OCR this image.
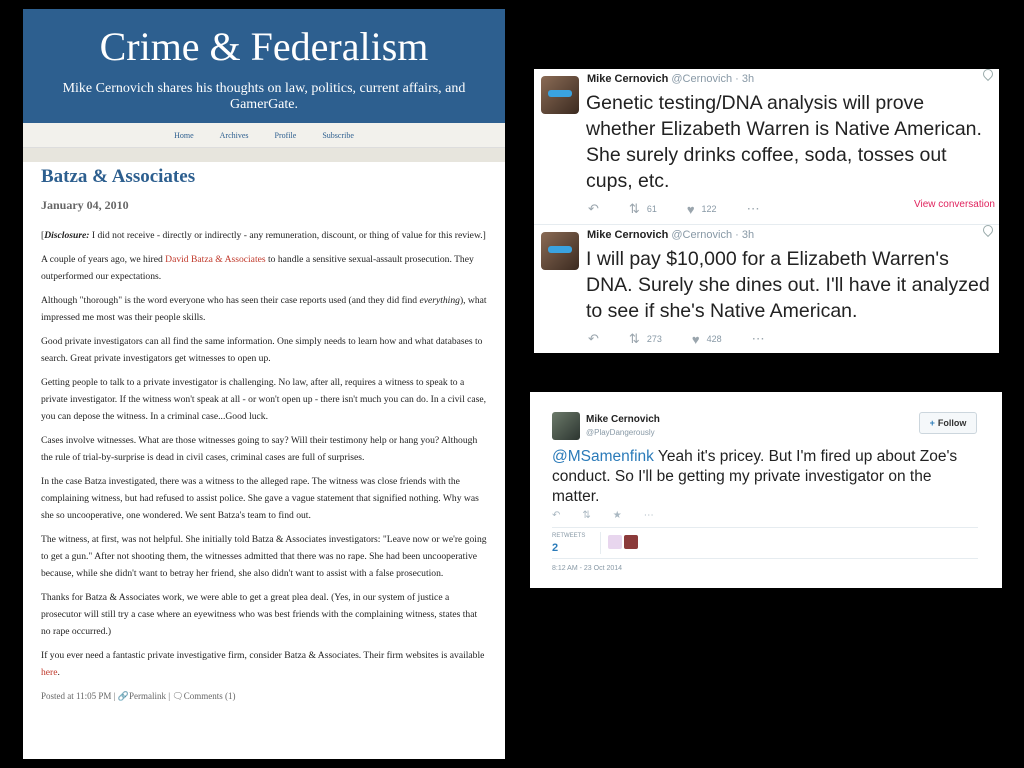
Crime & Federalism
Mike Cernovich shares his thoughts on law, politics, current affairs, and GamerGate.
Home	Archives	Profile	Subscribe
Batza & Associates
January 04, 2010

[Disclosure: I did not receive - directly or indirectly - any remuneration, discount, or thing of value for this review.]

A couple of years ago, we hired David Batza & Associates to handle a sensitive sexual-assault prosecution. They outperformed our expectations.

Although "thorough" is the word everyone who has seen their case reports used (and they did find everything), what impressed me most was their people skills.

Good private investigators can all find the same information. One simply needs to learn how and what databases to search. Great private investigators get witnesses to open up.

Getting people to talk to a private investigator is challenging. No law, after all, requires a witness to speak to a private investigator. If the witness won't speak at all - or won't open up - there isn't much you can do. In a civil case, you can depose the witness. In a criminal case...Good luck.

Cases involve witnesses. What are those witnesses going to say? Will their testimony help or hang you? Although the rule of trial-by-surprise is dead in civil cases, criminal cases are full of surprises.

In the case Batza investigated, there was a witness to the alleged rape. The witness was close friends with the complaining witness, but had refused to assist police. She gave a vague statement that signified nothing. Why was she so uncooperative, one wondered. We sent Batza's team to find out.

The witness, at first, was not helpful. She initially told Batza & Associates investigators: "Leave now or we're going to get a gun." After not shooting them, the witnesses admitted that there was no rape. She had been uncooperative because, while she didn't want to betray her friend, she also didn't want to assist with a false prosecution.

Thanks for Batza & Associates work, we were able to get a great plea deal. (Yes, in our system of justice a prosecutor will still try a case where an eyewitness who was best friends with the complaining witness, states that no rape occurred.)

If you ever need a fantastic private investigative firm, consider Batza & Associates. Their firm websites is available here.

Posted at 11:05 PM | 🔗Permalink | 🗨Comments (1)
Mike Cernovich @Cernovich · 3h
Genetic testing/DNA analysis will prove whether Elizabeth Warren is Native American. She surely drinks coffee, soda, tosses out cups, etc.
↶ ⇅ 61 ♥ 122 ⋯	View conversation
Mike Cernovich @Cernovich · 3h
I will pay $10,000 for a Elizabeth Warren's DNA. Surely she dines out. I'll have it analyzed to see if she's Native American.
↶ ⇅ 273 ♥ 428 ⋯
Mike Cernovich
@PlayDangerously
+ Follow
@MSamenfink Yeah it's pricey. But I'm fired up about Zoe's conduct. So I'll be getting my private investigator on the matter.
↶ ⇅ ★ ⋯
RETWEETS
2
8:12 AM - 23 Oct 2014
